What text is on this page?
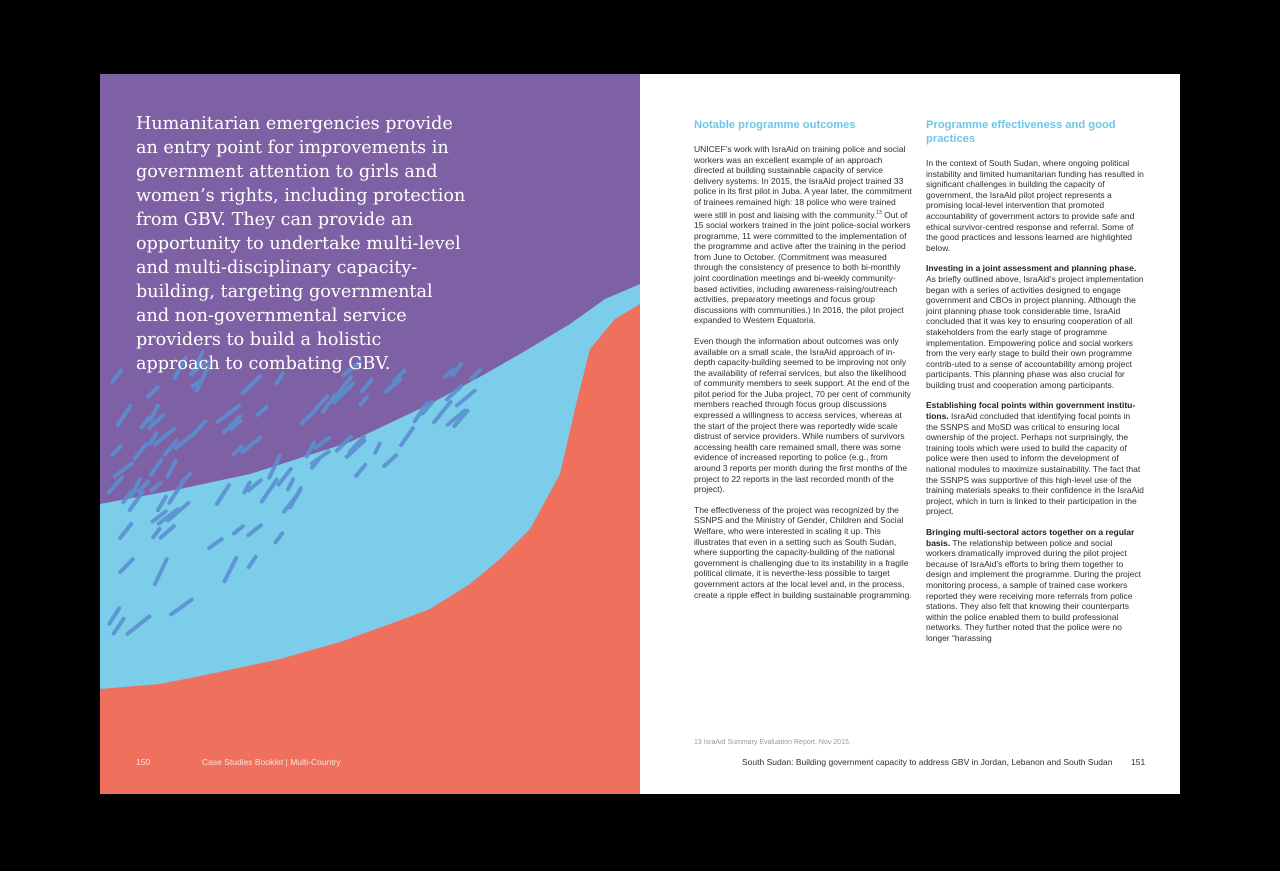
Humanitarian emergencies provide an entry point for improvements in government attention to girls and women’s rights, including protection from GBV. They can provide an opportunity to undertake multi-level and multi-disciplinary capacity-building, targeting governmental and non-governmental service providers to build a holistic approach to combating GBV.

150	Case Studies Booklet | Multi-Country
Notable programme outcomes

UNICEF’s work with IsraAid on training police and social workers was an excellent example of an approach directed at building sustainable capacity of service delivery systems. In 2015, the IsraAid project trained 33 police in its first pilot in Juba. A year later, the commitment of trainees remained high: 18 police who were trained were still in post and liaising with the community.$^{13}$ Out of 15 social workers trained in the joint police-social workers programme, 11 were committed to the implementation of the programme and active after the training in the period from June to October. (Commitment was measured through the consistency of presence to both bi-monthly joint coordination meetings and bi-weekly community-based activities, including awareness-raising/outreach activities, preparatory meetings and focus group discussions with communities.) In 2016, the pilot project expanded to Western Equatoria.

Even though the information about outcomes was only available on a small scale, the IsraAid approach of in-depth capacity-building seemed to be improving not only the availability of referral services, but also the likelihood of community members to seek support. At the end of the pilot period for the Juba project, 70 per cent of community members reached through focus group discussions expressed a willingness to access services, whereas at the start of the project there was reportedly wide scale distrust of service providers. While numbers of survivors accessing health care remained small, there was some evidence of increased reporting to police (e.g., from around 3 reports per month during the first months of the project to 22 reports in the last recorded month of the project).

The effectiveness of the project was recognized by the SSNPS and the Ministry of Gender, Children and Social Welfare, who were interested in scaling it up. This illustrates that even in a setting such as South Sudan, where supporting the capacity-building of the national government is challenging due to its instability in a fragile political climate, it is neverthe-less possible to target government actors at the local level and, in the process, create a ripple effect in building sustainable programming.

Programme effectiveness and good practices

In the context of South Sudan, where ongoing political instability and limited humanitarian funding has resulted in significant challenges in building the capacity of government, the IsraAid pilot project represents a promising local-level intervention that promoted accountability of government actors to provide safe and ethical survivor-centred response and referral. Some of the good practices and lessons learned are highlighted below.

Investing in a joint assessment and planning phase. As briefly outlined above, IsraAid’s project implementation began with a series of activities designed to engage government and CBOs in project planning. Although the joint planning phase took considerable time, IsraAid concluded that it was key to ensuring cooperation of all stakeholders from the early stage of programme implementation. Empowering police and social workers from the very early stage to build their own programme contrib-uted to a sense of accountability among project participants. This planning phase was also crucial for building trust and cooperation among participants.

Establishing focal points within government institu-tions. IsraAid concluded that identifying focal points in the SSNPS and MoSD was critical to ensuring local ownership of the project. Perhaps not surprisingly, the training tools which were used to build the capacity of police were then used to inform the development of national modules to maximize sustainability. The fact that the SSNPS was supportive of this high-level use of the training materials speaks to their confidence in the IsraAid project, which in turn is linked to their participation in the project.

Bringing multi-sectoral actors together on a regular basis. The relationship between police and social workers dramatically improved during the pilot project because of IsraAid’s efforts to bring them together to design and implement the programme. During the project monitoring process, a sample of trained case workers reported they were receiving more referrals from police stations. They also felt that knowing their counterparts within the police enabled them to build professional networks. They further noted that the police were no longer “harassing

13 IsraAid Summary Evaluation Report, Nov 2015.
South Sudan: Building government capacity to address GBV in Jordan, Lebanon and South Sudan 151
